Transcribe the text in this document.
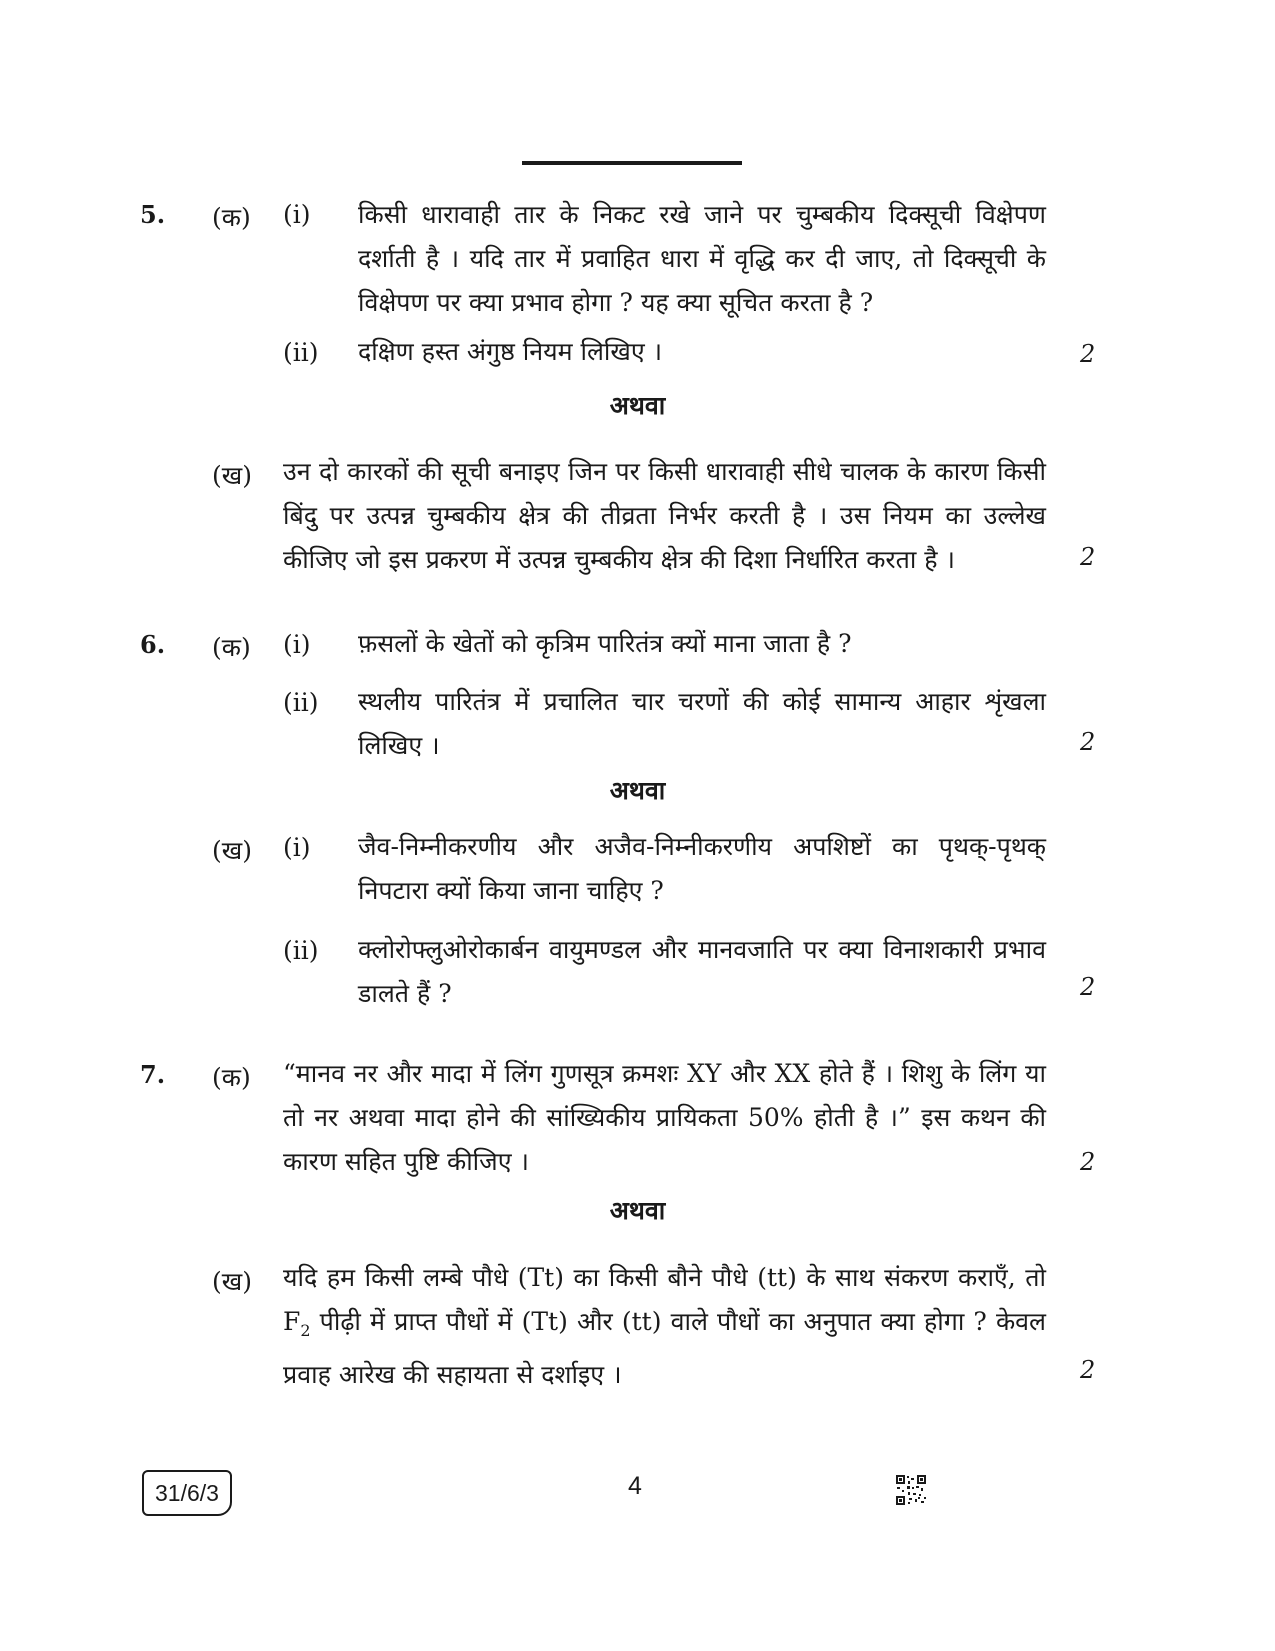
5. (क) (i) किसी धारावाही तार के निकट रखे जाने पर चुम्बकीय दिक्सूची विक्षेपण दर्शाती है । यदि तार में प्रवाहित धारा में वृद्धि कर दी जाए, तो दिक्सूची के विक्षेपण पर क्या प्रभाव होगा ? यह क्या सूचित करता है ?
(ii) दक्षिण हस्त अंगुष्ठ नियम लिखिए ।	2
अथवा
(ख) उन दो कारकों की सूची बनाइए जिन पर किसी धारावाही सीधे चालक के कारण किसी बिंदु पर उत्पन्न चुम्बकीय क्षेत्र की तीव्रता निर्भर करती है । उस नियम का उल्लेख कीजिए जो इस प्रकरण में उत्पन्न चुम्बकीय क्षेत्र की दिशा निर्धारित करता है ।	2
6. (क) (i) फ़सलों के खेतों को कृत्रिम पारितंत्र क्यों माना जाता है ?
(ii) स्थलीय पारितंत्र में प्रचालित चार चरणों की कोई सामान्य आहार शृंखला लिखिए ।	2
अथवा
(ख) (i) जैव-निम्नीकरणीय और अजैव-निम्नीकरणीय अपशिष्टों का पृथक्-पृथक् निपटारा क्यों किया जाना चाहिए ?
(ii) क्लोरोफ्लुओरोकार्बन वायुमण्डल और मानवजाति पर क्या विनाशकारी प्रभाव डालते हैं ?	2
7. (क) “मानव नर और मादा में लिंग गुणसूत्र क्रमशः XY और XX होते हैं । शिशु के लिंग या तो नर अथवा मादा होने की सांख्यिकीय प्रायिकता 50% होती है ।” इस कथन की कारण सहित पुष्टि कीजिए ।	2
अथवा
(ख) यदि हम किसी लम्बे पौधे (Tt) का किसी बौने पौधे (tt) के साथ संकरण कराएँ, तो $F_2$ पीढ़ी में प्राप्त पौधों में (Tt) और (tt) वाले पौधों का अनुपात क्या होगा ? केवल प्रवाह आरेख की सहायता से दर्शाइए ।	2
31/6/3	4
